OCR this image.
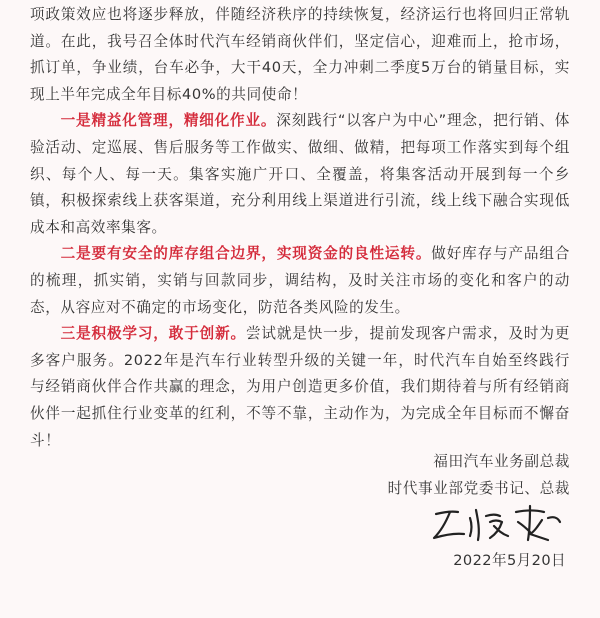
项政策效应也将逐步释放，伴随经济秩序的持续恢复，经济运行也将回归正常轨道。在此，我号召全体时代汽车经销商伙伴们，坚定信心，迎难而上，抢市场，抓订单，争业绩，台车必争，大干40天，全力冲刺二季度5万台的销量目标，实现上半年完成全年目标40%的共同使命！

一是精益化管理，精细化作业。深刻践行“以客户为中心”理念，把行销、体验活动、定巡展、售后服务等工作做实、做细、做精，把每项工作落实到每个组织、每个人、每一天。集客实施广开口、全覆盖，将集客活动开展到每一个乡镇，积极探索线上获客渠道，充分利用线上渠道进行引流，线上线下融合实现低成本和高效率集客。

二是要有安全的库存组合边界，实现资金的良性运转。做好库存与产品组合的梳理，抓实销，实销与回款同步，调结构，及时关注市场的变化和客户的动态，从容应对不确定的市场变化，防范各类风险的发生。

三是积极学习，敢于创新。尝试就是快一步，提前发现客户需求，及时为更多客户服务。2022年是汽车行业转型升级的关键一年，时代汽车自始至终践行与经销商伙伴合作共赢的理念，为用户创造更多价值，我们期待着与所有经销商伙伴一起抓住行业变革的红利，不等不靠，主动作为，为完成全年目标而不懈奋斗！

福田汽车业务副总裁
时代事业部党委书记、总裁
2022年5月20日
